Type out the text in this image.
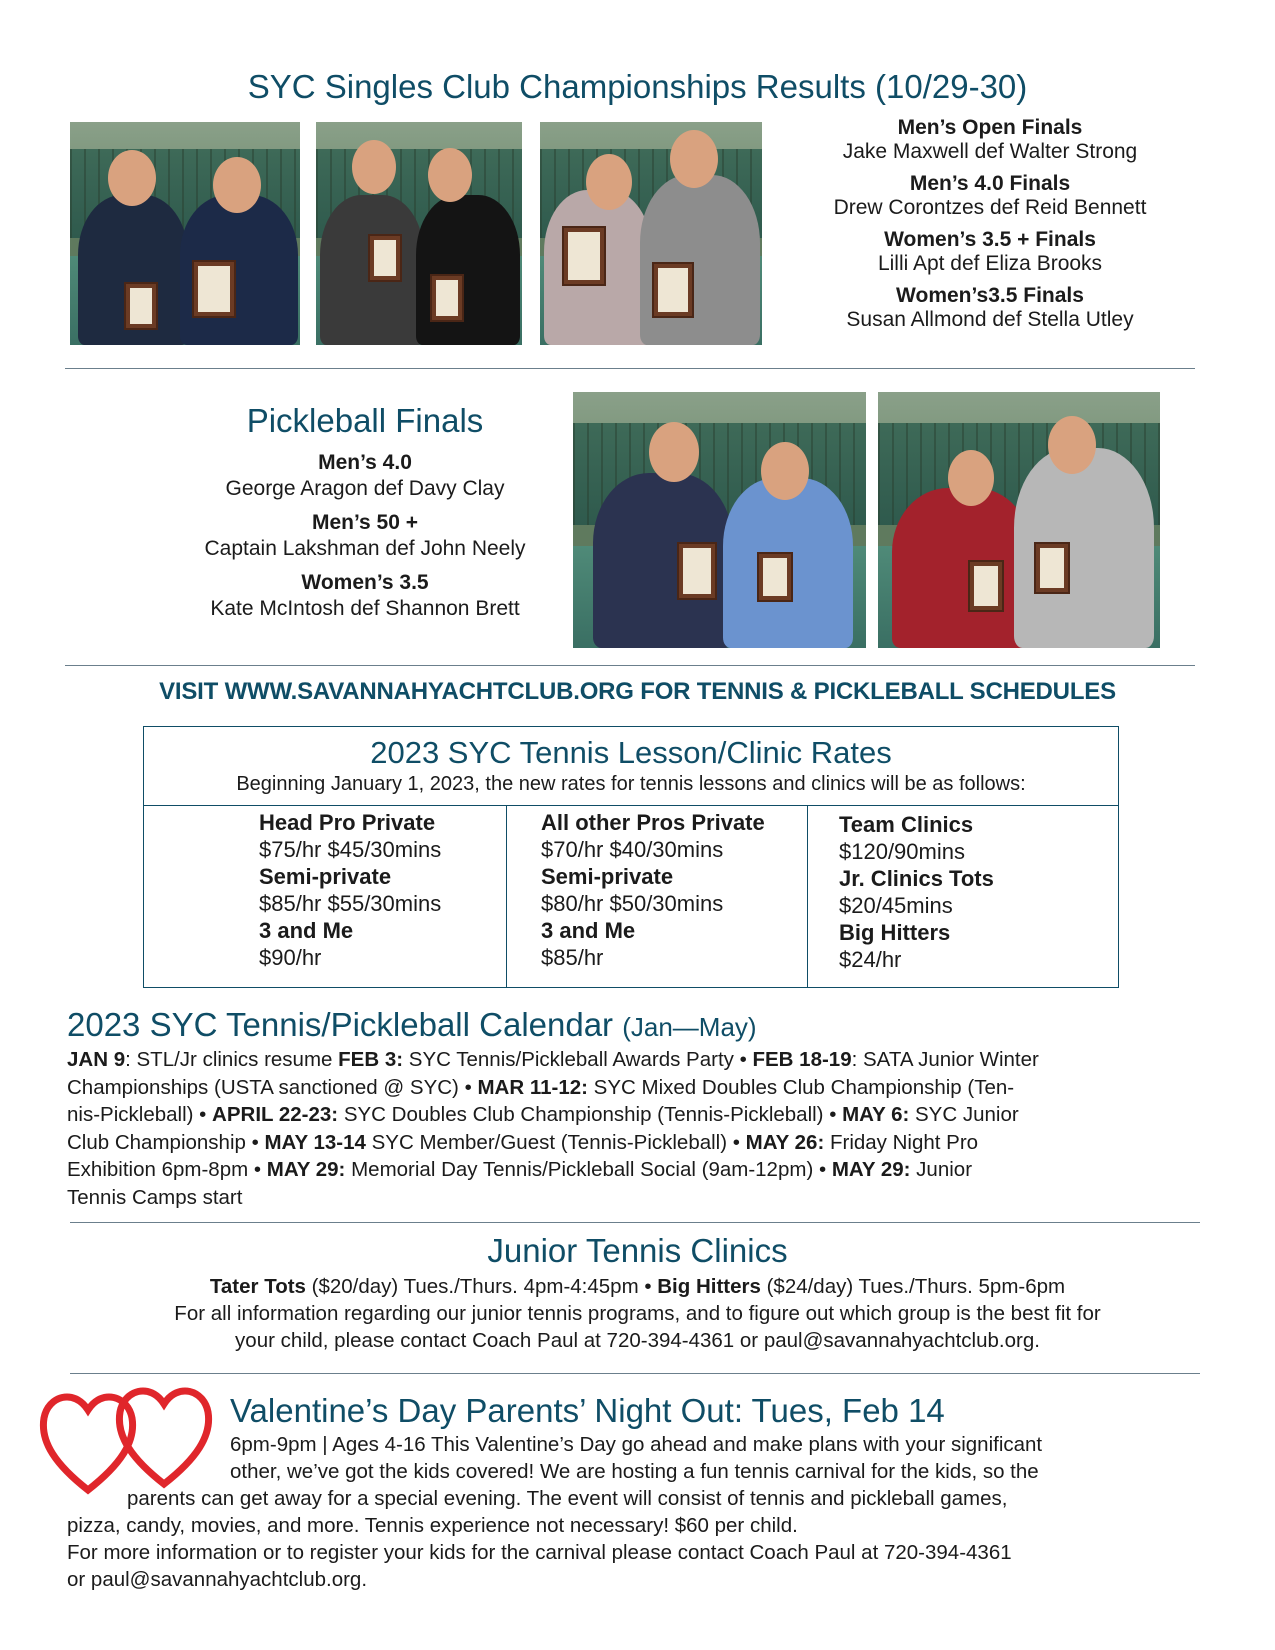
SYC Singles Club Championships Results (10/29-30)
Men’s Open Finals
Jake Maxwell def Walter Strong
Men’s 4.0 Finals
Drew Corontzes def Reid Bennett
Women’s 3.5 + Finals
Lilli Apt def Eliza Brooks
Women’s3.5 Finals
Susan Allmond def Stella Utley
Pickleball Finals
Men’s 4.0
George Aragon def Davy Clay
Men’s 50 +
Captain Lakshman def John Neely
Women’s 3.5
Kate McIntosh def Shannon Brett
VISIT WWW.SAVANNAHYACHTCLUB.ORG FOR TENNIS & PICKLEBALL SCHEDULES
2023 SYC Tennis Lesson/Clinic Rates
Beginning January 1, 2023, the new rates for tennis lessons and clinics will be as follows:
Head Pro Private
$75/hr $45/30mins
Semi-private
$85/hr $55/30mins
3 and Me
$90/hr
All other Pros Private
$70/hr $40/30mins
Semi-private
$80/hr $50/30mins
3 and Me
$85/hr
Team Clinics
$120/90mins
Jr. Clinics Tots
$20/45mins
Big Hitters
$24/hr
2023 SYC Tennis/Pickleball Calendar (Jan—May)
JAN 9: STL/Jr clinics resume FEB 3: SYC Tennis/Pickleball Awards Party • FEB 18-19: SATA Junior Winter
Championships (USTA sanctioned @ SYC) • MAR 11-12: SYC Mixed Doubles Club Championship (Ten-
nis-Pickleball) • APRIL 22-23: SYC Doubles Club Championship (Tennis-Pickleball) • MAY 6: SYC Junior
Club Championship • MAY 13-14 SYC Member/Guest (Tennis-Pickleball) • MAY 26: Friday Night Pro
Exhibition 6pm-8pm • MAY 29: Memorial Day Tennis/Pickleball Social (9am-12pm) • MAY 29: Junior
Tennis Camps start
Junior Tennis Clinics
Tater Tots ($20/day) Tues./Thurs. 4pm-4:45pm • Big Hitters ($24/day) Tues./Thurs. 5pm-6pm
For all information regarding our junior tennis programs, and to figure out which group is the best fit for
your child, please contact Coach Paul at 720-394-4361 or paul@savannahyachtclub.org.
Valentine’s Day Parents’ Night Out: Tues, Feb 14
6pm-9pm | Ages 4-16 This Valentine’s Day go ahead and make plans with your significant
other, we’ve got the kids covered! We are hosting a fun tennis carnival for the kids, so the
parents can get away for a special evening. The event will consist of tennis and pickleball games,
pizza, candy, movies, and more. Tennis experience not necessary! $60 per child.
For more information or to register your kids for the carnival please contact Coach Paul at 720-394-4361
or paul@savannahyachtclub.org.
